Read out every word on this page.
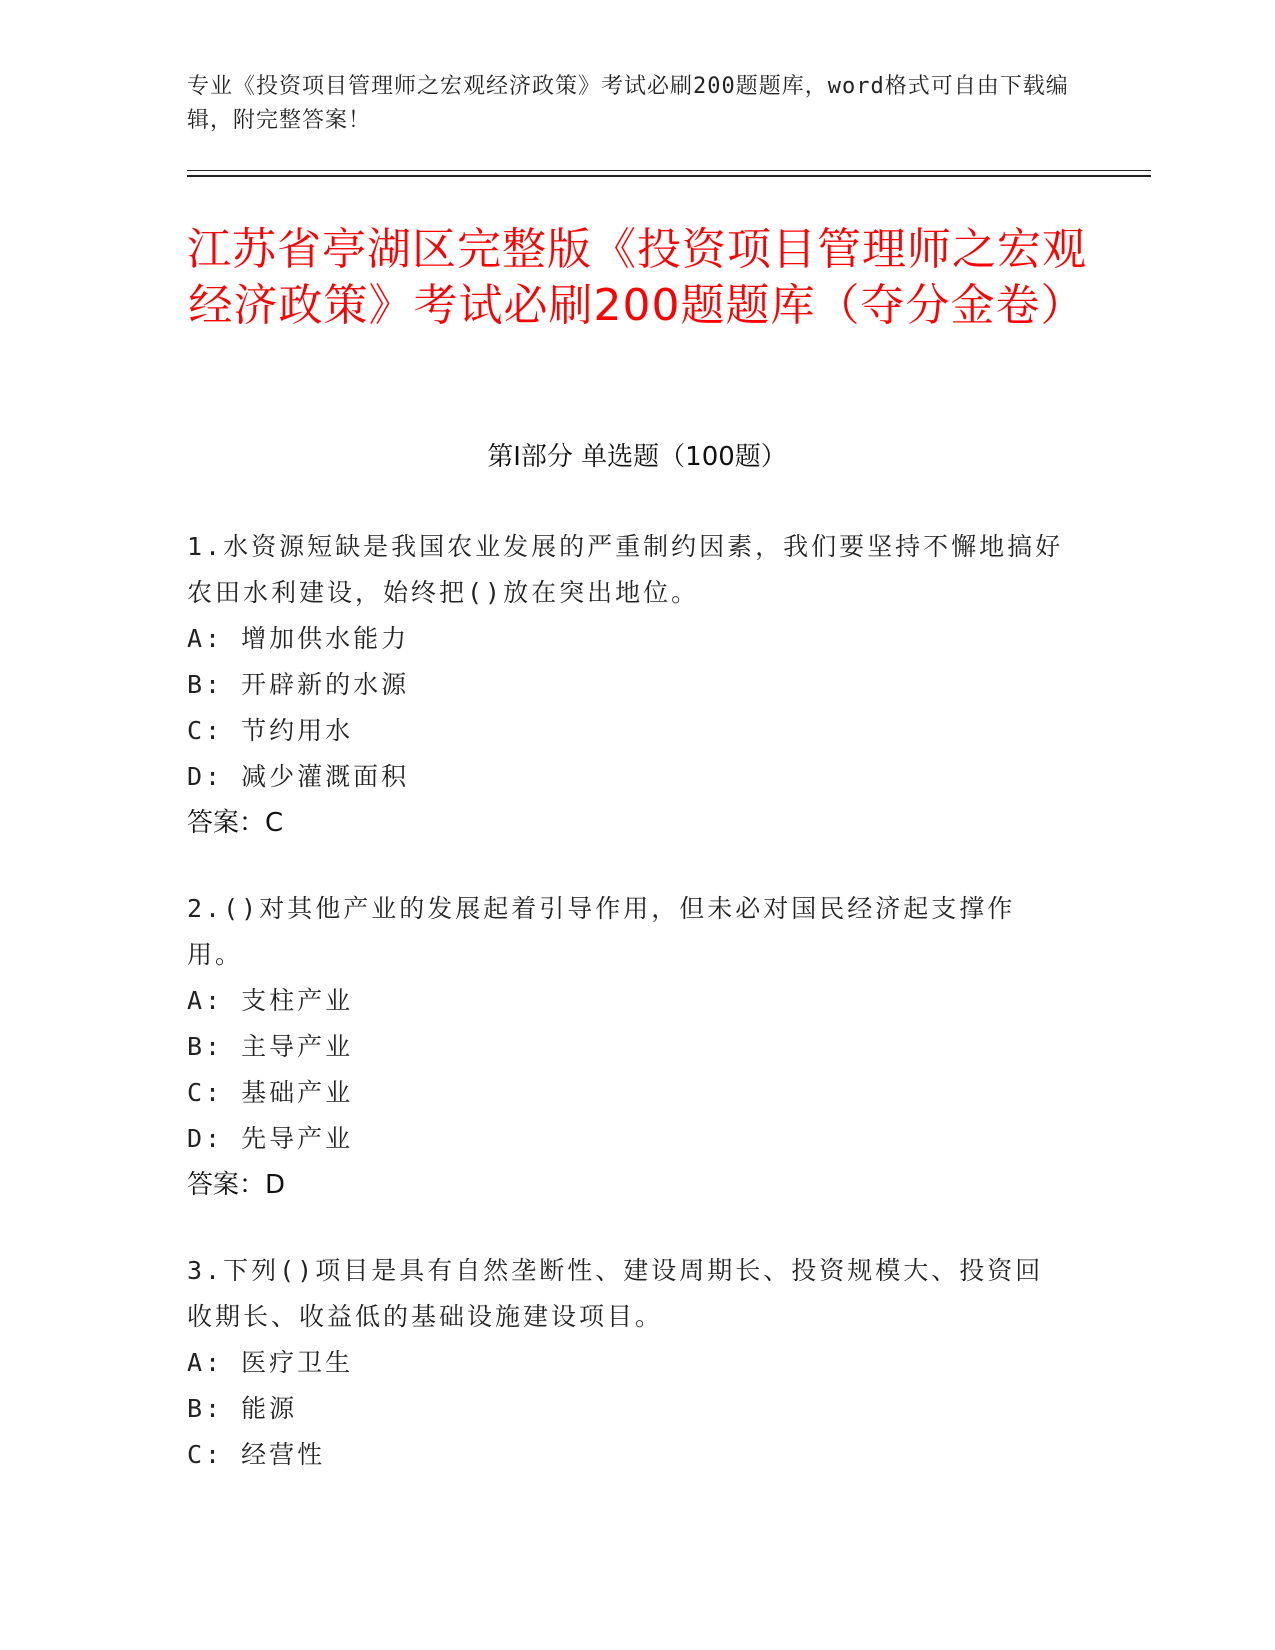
专业《投资项目管理师之宏观经济政策》考试必刷200题题库，word格式可自由下载编辑，附完整答案！
江苏省亭湖区完整版《投资项目管理师之宏观经济政策》考试必刷200题题库（夺分金卷）
第I部分 单选题（100题）
1.水资源短缺是我国农业发展的严重制约因素，我们要坚持不懈地搞好农田水利建设，始终把()放在突出地位。
A: 增加供水能力
B: 开辟新的水源
C: 节约用水
D: 减少灌溉面积
答案：C
2.()对其他产业的发展起着引导作用，但未必对国民经济起支撑作用。
A: 支柱产业
B: 主导产业
C: 基础产业
D: 先导产业
答案：D
3.下列()项目是具有自然垄断性、建设周期长、投资规模大、投资回收期长、收益低的基础设施建设项目。
A: 医疗卫生
B: 能源
C: 经营性
